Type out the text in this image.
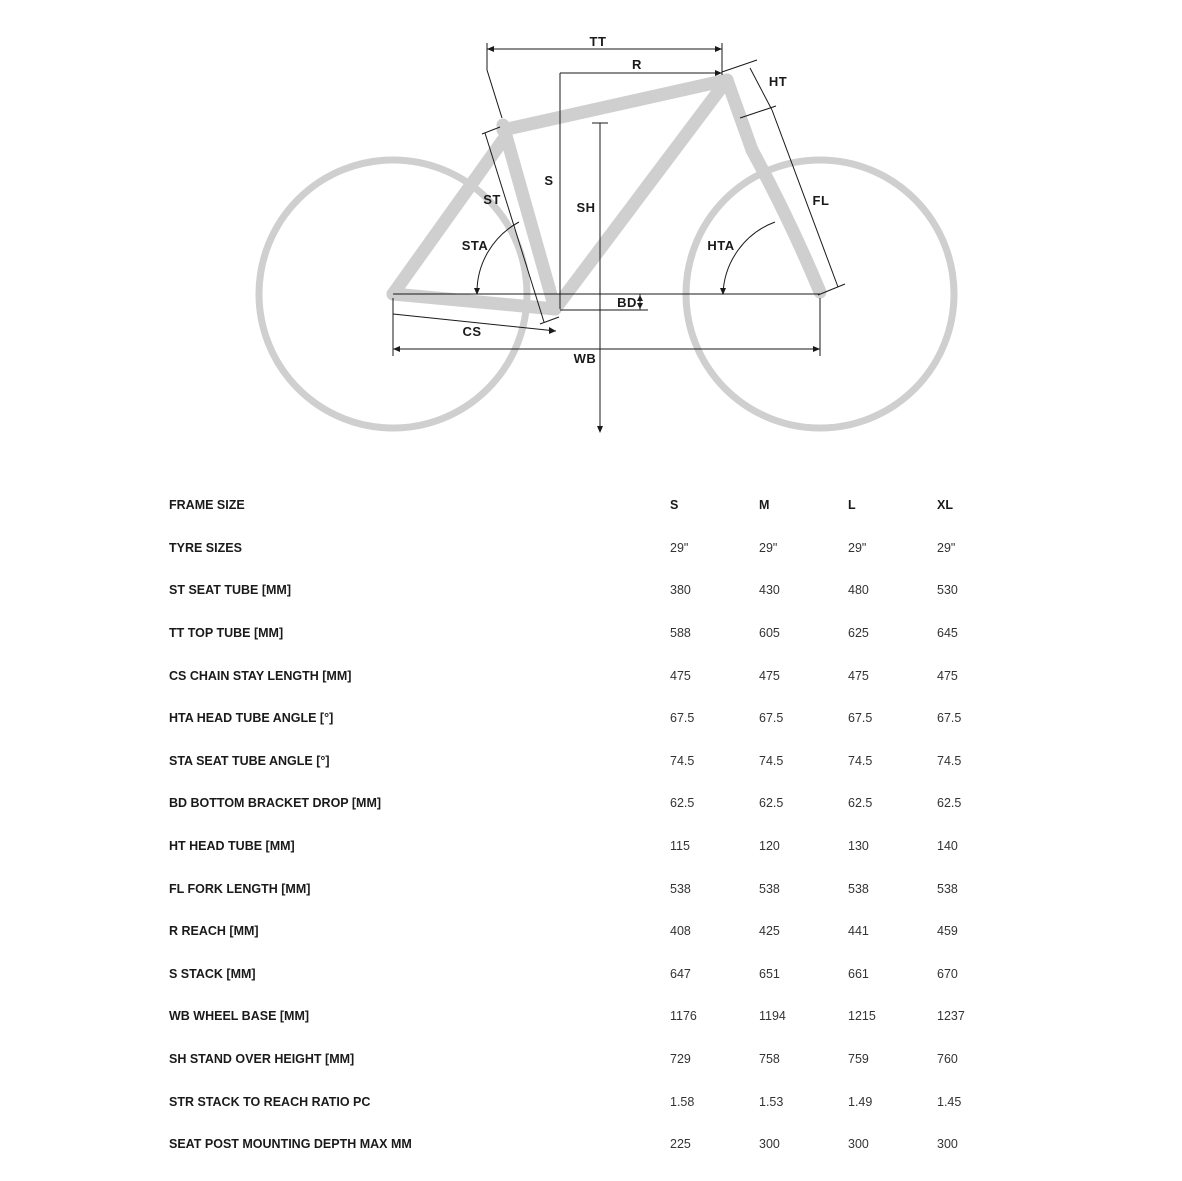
TT
R
HT
S
ST
SH
STA
FL
HTA
BD
CS
WB
FRAME SIZE	S	M	L	XL
TYRE SIZES	29"	29"	29"	29"
ST SEAT TUBE [MM]	380	430	480	530
TT TOP TUBE [MM]	588	605	625	645
CS CHAIN STAY LENGTH [MM]	475	475	475	475
HTA HEAD TUBE ANGLE [°]	67.5	67.5	67.5	67.5
STA SEAT TUBE ANGLE [°]	74.5	74.5	74.5	74.5
BD BOTTOM BRACKET DROP [MM]	62.5	62.5	62.5	62.5
HT HEAD TUBE [MM]	115	120	130	140
FL FORK LENGTH [MM]	538	538	538	538
R REACH [MM]	408	425	441	459
S STACK [MM]	647	651	661	670
WB WHEEL BASE [MM]	1176	1194	1215	1237
SH STAND OVER HEIGHT [MM]	729	758	759	760
STR STACK TO REACH RATIO PC	1.58	1.53	1.49	1.45
SEAT POST MOUNTING DEPTH MAX MM	225	300	300	300
